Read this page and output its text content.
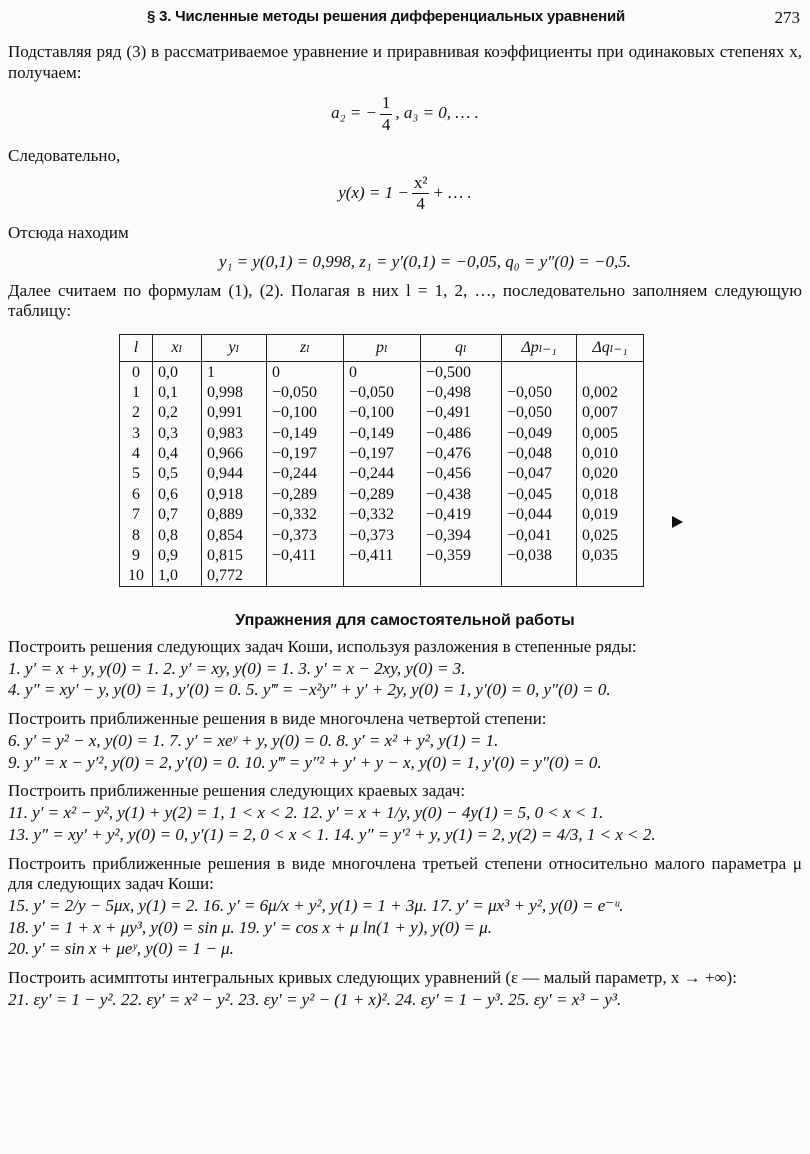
§ 3. Численные методы решения дифференциальных уравнений	273

Подставляя ряд (3) в рассматриваемое уравнение и приравнивая коэффициенты при одинаковых степенях x, получаем:

a₂ = − $\frac{1}{4}$ , a₃ = 0, … .

Следовательно,

$y(x) = 1 - \frac{\text{x²}}{4}$ + … .

Отсюда находим

y₁ = y(0,1) = 0,998, z₁ = y′(0,1) = −0,05, q₀ = y″(0) = −0,5.

Далее считаем по формулам (1), (2). Полагая в них l = 1, 2, …, последовательно заполняем следующую таблицу:

l	xₗ	yₗ	zₗ	pₗ	qₗ	Δpₗ₋₁	Δqₗ₋₁
0	0,0	1	0	0	−0,500		
1	0,1	0,998	−0,050	−0,050	−0,498	−0,050	0,002
2	0,2	0,991	−0,100	−0,100	−0,491	−0,050	0,007
3	0,3	0,983	−0,149	−0,149	−0,486	−0,049	0,005
4	0,4	0,966	−0,197	−0,197	−0,476	−0,048	0,010
5	0,5	0,944	−0,244	−0,244	−0,456	−0,047	0,020
6	0,6	0,918	−0,289	−0,289	−0,438	−0,045	0,018
7	0,7	0,889	−0,332	−0,332	−0,419	−0,044	0,019
8	0,8	0,854	−0,373	−0,373	−0,394	−0,041	0,025
9	0,9	0,815	−0,411	−0,411	−0,359	−0,038	0,035
10	1,0	0,772					
Упражнения для самостоятельной работы

Построить решения следующих задач Коши, используя разложения в степенные ряды:

1. y′ = x + y, y(0) = 1. 2. y′ = xy, y(0) = 1. 3. y′ = x − 2xy, y(0) = 3.
4. y″ = xy′ − y, y(0) = 1, y′(0) = 0. 5. y‴ = −x²y″ + y′ + 2y, y(0) = 1, y′(0) = 0, y″(0) = 0.

Построить приближенные решения в виде многочлена четвертой степени:

6. y′ = y² − x, y(0) = 1. 7. y′ = xeʸ + y, y(0) = 0. 8. y′ = x² + y², y(1) = 1.
9. y″ = x − y′², y(0) = 2, y′(0) = 0. 10. y‴ = y″² + y′ + y − x, y(0) = 1, y′(0) = y″(0) = 0.

Построить приближенные решения следующих краевых задач:

11. y′ = x² − y², y(1) + y(2) = 1, 1 < x < 2. 12. y′ = x + 1/y, y(0) − 4y(1) = 5, 0 < x < 1.
13. y″ = xy′ + y², y(0) = 0, y′(1) = 2, 0 < x < 1. 14. y″ = y′² + y, y(1) = 2, y(2) = 4/3, 1 < x < 2.

Построить приближенные решения в виде многочлена третьей степени относительно малого параметра μ для следующих задач Коши:

15. y′ = 2/y − 5μx, y(1) = 2. 16. y′ = 6μ/x + y², y(1) = 1 + 3μ. 17. y′ = μx³ + y², y(0) = e⁻ᵘ.
18. y′ = 1 + x + μy³, y(0) = sin μ. 19. y′ = cos x + μ ln(1 + y), y(0) = μ.
20. y′ = sin x + μeʸ, y(0) = 1 − μ.

Построить асимптоты интегральных кривых следующих уравнений (ε — малый параметр, x → +∞):

21. εy′ = 1 − y². 22. εy′ = x² − y². 23. εy′ = y² − (1 + x)². 24. εy′ = 1 − y³. 25. εy′ = x³ − y³.
